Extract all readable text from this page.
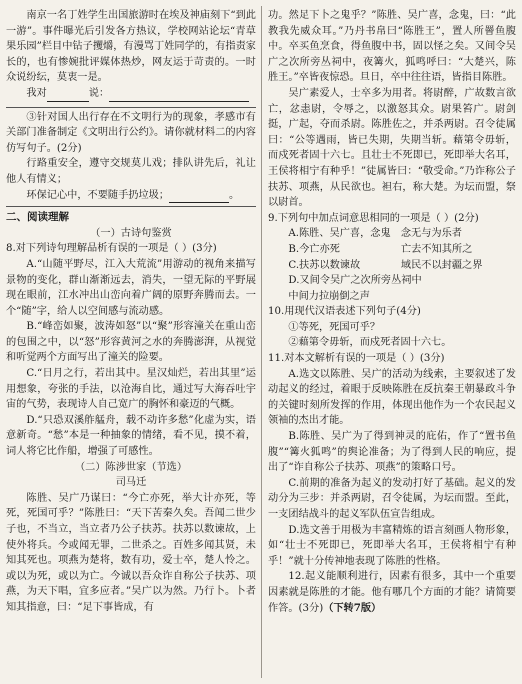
南京一名丁姓学生出国旅游时在埃及神庙刻下“到此一游”。事件曝光后引发各方热议，学校网站论坛“青草果乐园”栏目中钻子攫爝，有漫骂丁姓同学的，有指责家长的，也有惨婉批评媒体热炒，网友运于苛责的。一时众说纷纭，莫衷一是。

我对	说：

③针对国人出行存在不文明行为的现象，孝感市有关部门准备制定《文明出行公约》。请你就材料二的内容仿写句子。(2分)

行路重安全，遵守交规莫儿戏；排队讲先后，礼让他人有情义；

环保记心中，不要随手扔垃圾；	。

二、阅读理解

（一）古诗句鉴赏

8.对下列诗句理解品析有误的一项是（ ）(3分)

A.“山随平野尽，江入大荒流”用游动的视角来描写景物的变化，群山渐渐远去，消失，一望无际的平野展现在眼前，江水冲出山峦向着广阔的原野奔腾而去。一个“随”字，给人以空间感与流动感。

B.“峰峦如聚，波涛如怒”以“聚”形容潼关在重山峦的包围之中，以“怒”形容黄河之水的奔腾澎湃，从视觉和听觉两个方面写出了潼关的险要。

C.“日月之行，若出其中。星汉灿烂，若出其里”运用想象，夸张的手法，以沧海自比，通过写大海吞吐宇宙的气势，表现诗人自己宽广的胸怀和豪迈的气概。

D.“只恐双溪舴艋舟，载不动许多愁”化虚为实，语意新奇。“愁”本是一种抽象的情绪，看不见，摸不着，词人将它比作船，增强了可感性。

（二）陈涉世家（节选）

司马迁

陈胜、吴广乃谋曰：“今亡亦死，举大计亦死，等死，死国可乎？”陈胜曰：“天下苦秦久矣。吾闻二世少子也，不当立，当立者乃公子扶苏。扶苏以数谏故，上使外将兵。今或闻无罪，二世杀之。百姓多闻其贤，未知其死也。项燕为楚将，数有功，爱士卒，楚人怜之。或以为死，或以为亡。今诚以吾众诈自称公子扶苏、项燕，为天下唱，宜多应者。”吴广以为然。乃行卜。卜者知其指意，曰：“足下事皆成，有

功。然足下卜之鬼乎？”陈胜、吴广喜，念鬼，曰：“此教我先威众耳。”乃丹书帛曰“陈胜王”，置人所罾鱼腹中。卒买鱼烹食，得鱼腹中书，固以怪之矣。又间令吴广之次所旁丛祠中，夜篝火，狐鸣呼曰：“大楚兴，陈胜王。”卒皆夜惊恐。旦日，卒中往往语，皆指目陈胜。

吴广素爱人，士卒多为用者。将尉醉，广故数言欲亡，忿恚尉，令辱之，以激怒其众。尉果笞广。尉剑挺，广起，夺而杀尉。陈胜佐之，并杀两尉。召令徒属曰：“公等遇雨，皆已失期，失期当斩。藉第令毋斩，而戍死者固十六七。且壮士不死即已，死即举大名耳，王侯将相宁有种乎！”徒属皆曰：“敬受命。”乃诈称公子扶苏、项燕，从民欲也。袒右，称大楚。为坛而盟，祭以尉首。

9.下列句中加点词意思相同的一项是（ ）(2分)

A.陈胜、吴广喜，念鬼　念无与为乐者

B.今亡亦死　　　　　　亡去不知其所之

C.扶苏以数谏故　　　　域民不以封疆之界

D.又间令吴广之次所旁丛祠中

中间力拉崩倒之声

10.用现代汉语表述下列句子(4分)

①等死，死国可乎？

②藉第令毋斩，而戍死者固十六七。

11.对本文解析有误的一项是（ ）(3分)

A.选文以陈胜、吴广的活动为线索，主要叙述了发动起义的经过，着眼于反映陈胜在反抗秦王朝暴政斗争的关键时刻所发挥的作用，体现出他作为一个农民起义领袖的杰出才能。

B.陈胜、吴广为了得到神灵的庇佑，作了“置书鱼腹”“篝火狐鸣”的舆论准备；为了得到人民的响应，提出了“诈自称公子扶苏、项燕”的策略口号。

C.前期的准备为起义的发动打好了基础。起义的发动分为三步：并杀两尉，召令徒属，为坛而盟。至此，一支团结战斗的起义军队伍宣告组成。

D.选文善于用极为丰富精炼的语言刻画人物形象，如“壮士不死即已，死即举大名耳，王侯将相宁有种乎！”就十分传神地表现了陈胜的性格。

12.起义能顺利进行，因素有很多，其中一个重要因素就是陈胜的才能。他有哪几个方面的才能？请简要作答。(3分)（下转7版）
